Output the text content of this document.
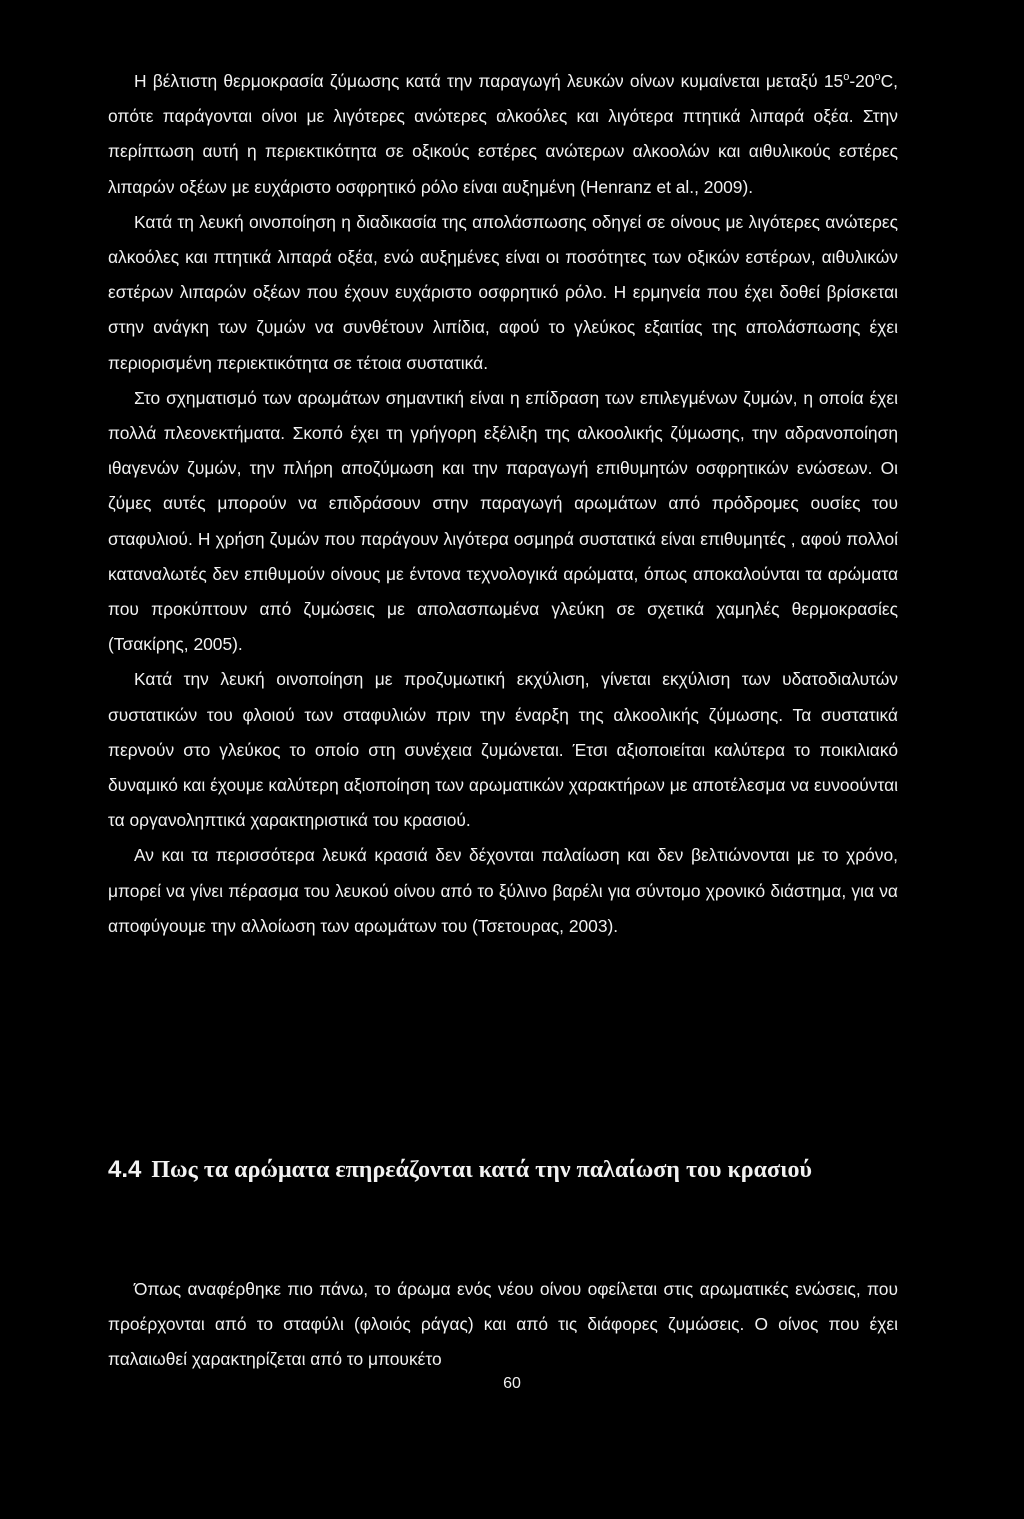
Η βέλτιστη θερμοκρασία ζύμωσης κατά την παραγωγή λευκών οίνων κυμαίνεται μεταξύ $15^o-20^oC$, οπότε παράγονται οίνοι με λιγότερες ανώτερες αλκοόλες και λιγότερα πτητικά λιπαρά οξέα. Στην περίπτωση αυτή η περιεκτικότητα σε οξικούς εστέρες ανώτερων αλκοολών και αιθυλικούς εστέρες λιπαρών οξέων με ευχάριστο οσφρητικό ρόλο είναι αυξημένη (Henranz et al., 2009).

Κατά τη λευκή οινοποίηση η διαδικασία της απολάσπωσης οδηγεί σε οίνους με λιγότερες ανώτερες αλκοόλες και πτητικά λιπαρά οξέα, ενώ αυξημένες είναι οι ποσότητες των οξικών εστέρων, αιθυλικών εστέρων λιπαρών οξέων που έχουν ευχάριστο οσφρητικό ρόλο. Η ερμηνεία που έχει δοθεί βρίσκεται στην ανάγκη των ζυμών να συνθέτουν λιπίδια, αφού το γλεύκος εξαιτίας της απολάσπωσης έχει περιορισμένη περιεκτικότητα σε τέτοια συστατικά.

Στο σχηματισμό των αρωμάτων σημαντική είναι η επίδραση των επιλεγμένων ζυμών, η οποία έχει πολλά πλεονεκτήματα. Σκοπό έχει τη γρήγορη εξέλιξη της αλκοολικής ζύμωσης, την αδρανοποίηση ιθαγενών ζυμών, την πλήρη αποζύμωση και την παραγωγή επιθυμητών οσφρητικών ενώσεων. Οι ζύμες αυτές μπορούν να επιδράσουν στην παραγωγή αρωμάτων από πρόδρομες ουσίες του σταφυλιού. Η χρήση ζυμών που παράγουν λιγότερα οσμηρά συστατικά είναι επιθυμητές , αφού πολλοί καταναλωτές δεν επιθυμούν οίνους με έντονα τεχνολογικά αρώματα, όπως αποκαλούνται τα αρώματα που προκύπτουν από ζυμώσεις με απολασπωμένα γλεύκη σε σχετικά χαμηλές θερμοκρασίες (Τσακίρης, 2005).

Κατά την λευκή οινοποίηση με προζυμωτική εκχύλιση, γίνεται εκχύλιση των υδατοδιαλυτών συστατικών του φλοιού των σταφυλιών πριν την έναρξη της αλκοολικής ζύμωσης. Τα συστατικά περνούν στο γλεύκος το οποίο στη συνέχεια ζυμώνεται. Έτσι αξιοποιείται καλύτερα το ποικιλιακό δυναμικό και έχουμε καλύτερη αξιοποίηση των αρωματικών χαρακτήρων με αποτέλεσμα να ευνοούνται τα οργανοληπτικά χαρακτηριστικά του κρασιού.

Αν και τα περισσότερα λευκά κρασιά δεν δέχονται παλαίωση και δεν βελτιώνονται με το χρόνο, μπορεί να γίνει πέρασμα του λευκού οίνου από το ξύλινο βαρέλι για σύντομο χρονικό διάστημα, για να αποφύγουμε την αλλοίωση των αρωμάτων του (Τσετουρας, 2003).

4.4 Πως τα αρώματα επηρεάζονται κατά την παλαίωση του κρασιού

Όπως αναφέρθηκε πιο πάνω, το άρωμα ενός νέου οίνου οφείλεται στις αρωματικές ενώσεις, που προέρχονται από το σταφύλι (φλοιός ράγας) και από τις διάφορες ζυμώσεις. Ο οίνος που έχει παλαιωθεί χαρακτηρίζεται από το μπουκέτο

60
